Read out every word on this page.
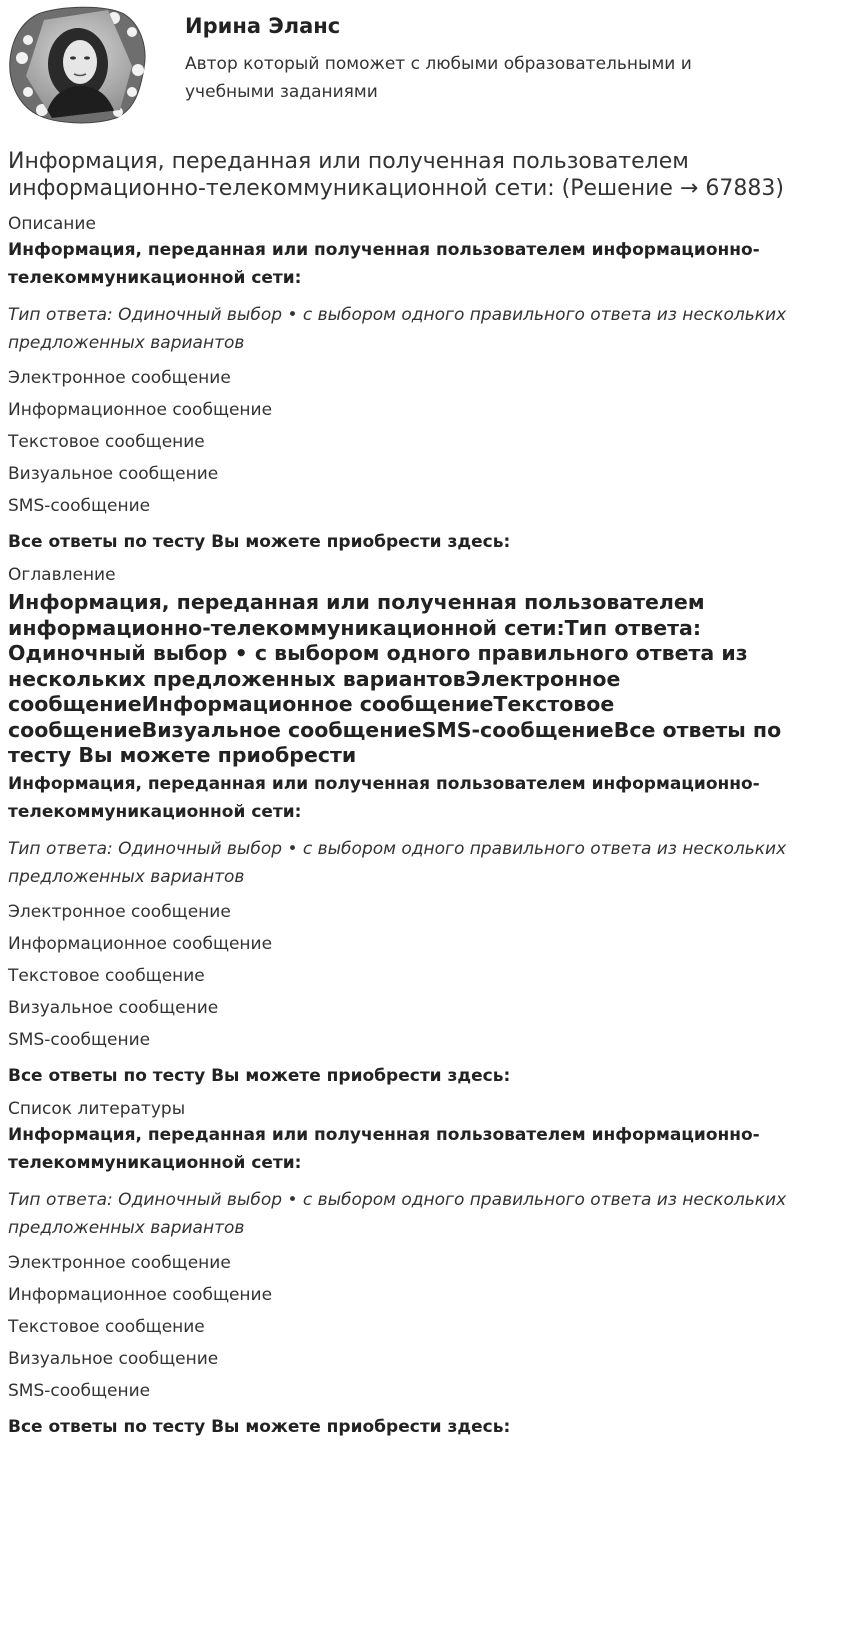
Ирина Эланс
Автор который поможет с любыми образовательными и учебными заданиями
Информация, переданная или полученная пользователем информационно-телекоммуникационной сети: (Решение → 67883)
Описание
Информация, переданная или полученная пользователем информационно-телекоммуникационной сети:
Тип ответа: Одиночный выбор • с выбором одного правильного ответа из нескольких предложенных вариантов
Электронное сообщение
Информационное сообщение
Текстовое сообщение
Визуальное сообщение
SMS-сообщение
Все ответы по тесту Вы можете приобрести здесь:
Оглавление
Информация, переданная или полученная пользователем информационно-телекоммуникационной сети:Тип ответа: Одиночный выбор • с выбором одного правильного ответа из нескольких предложенных вариантовЭлектронное сообщениеИнформационное сообщениеТекстовое сообщениеВизуальное сообщениеSMS-сообщениеВсе ответы по тесту Вы можете приобрести
Информация, переданная или полученная пользователем информационно-телекоммуникационной сети:
Тип ответа: Одиночный выбор • с выбором одного правильного ответа из нескольких предложенных вариантов
Электронное сообщение
Информационное сообщение
Текстовое сообщение
Визуальное сообщение
SMS-сообщение
Все ответы по тесту Вы можете приобрести здесь:
Список литературы
Информация, переданная или полученная пользователем информационно-телекоммуникационной сети:
Тип ответа: Одиночный выбор • с выбором одного правильного ответа из нескольких предложенных вариантов
Электронное сообщение
Информационное сообщение
Текстовое сообщение
Визуальное сообщение
SMS-сообщение
Все ответы по тесту Вы можете приобрести здесь:
